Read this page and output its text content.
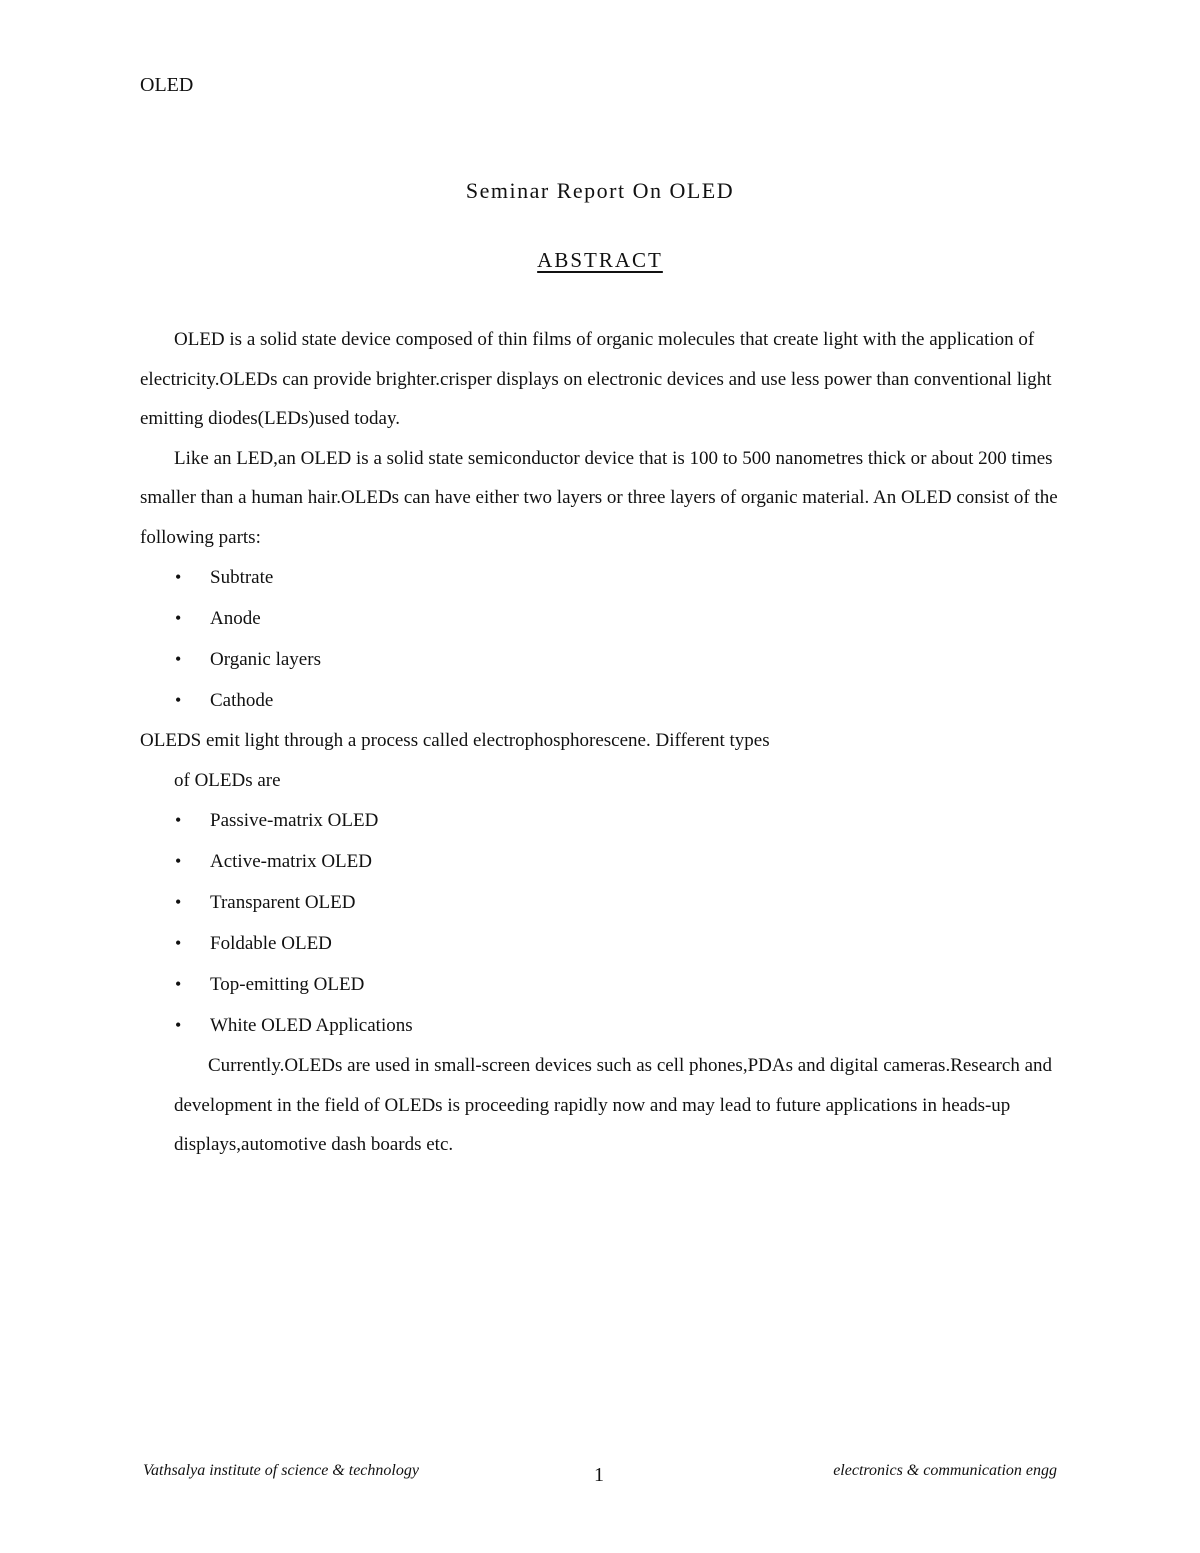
OLED
Seminar Report On OLED
ABSTRACT

OLED is a solid state device composed of thin films of organic molecules that create light with the application of electricity.OLEDs can provide brighter.crisper displays on electronic devices and use less power than conventional light emitting diodes(LEDs)used today.

Like an LED,an OLED is a solid state semiconductor device that is 100 to 500 nanometres thick or about 200 times smaller than a human hair.OLEDs can have either two layers or three layers of organic material. An OLED consist of the following parts:

• Subtrate
• Anode
• Organic layers
• Cathode

OLEDS emit light through a process called electrophosphorescene. Different types

of OLEDs are

• Passive-matrix OLED
• Active-matrix OLED
• Transparent OLED
• Foldable OLED
• Top-emitting OLED
• White OLED Applications

Currently.OLEDs are used in small-screen devices such as cell phones,PDAs and digital cameras.Research and development in the field of OLEDs is proceeding rapidly now and may lead to future applications in heads-up displays,automotive dash boards etc.

Vathsalya institute of science & technology	1	electronics & communication engg
